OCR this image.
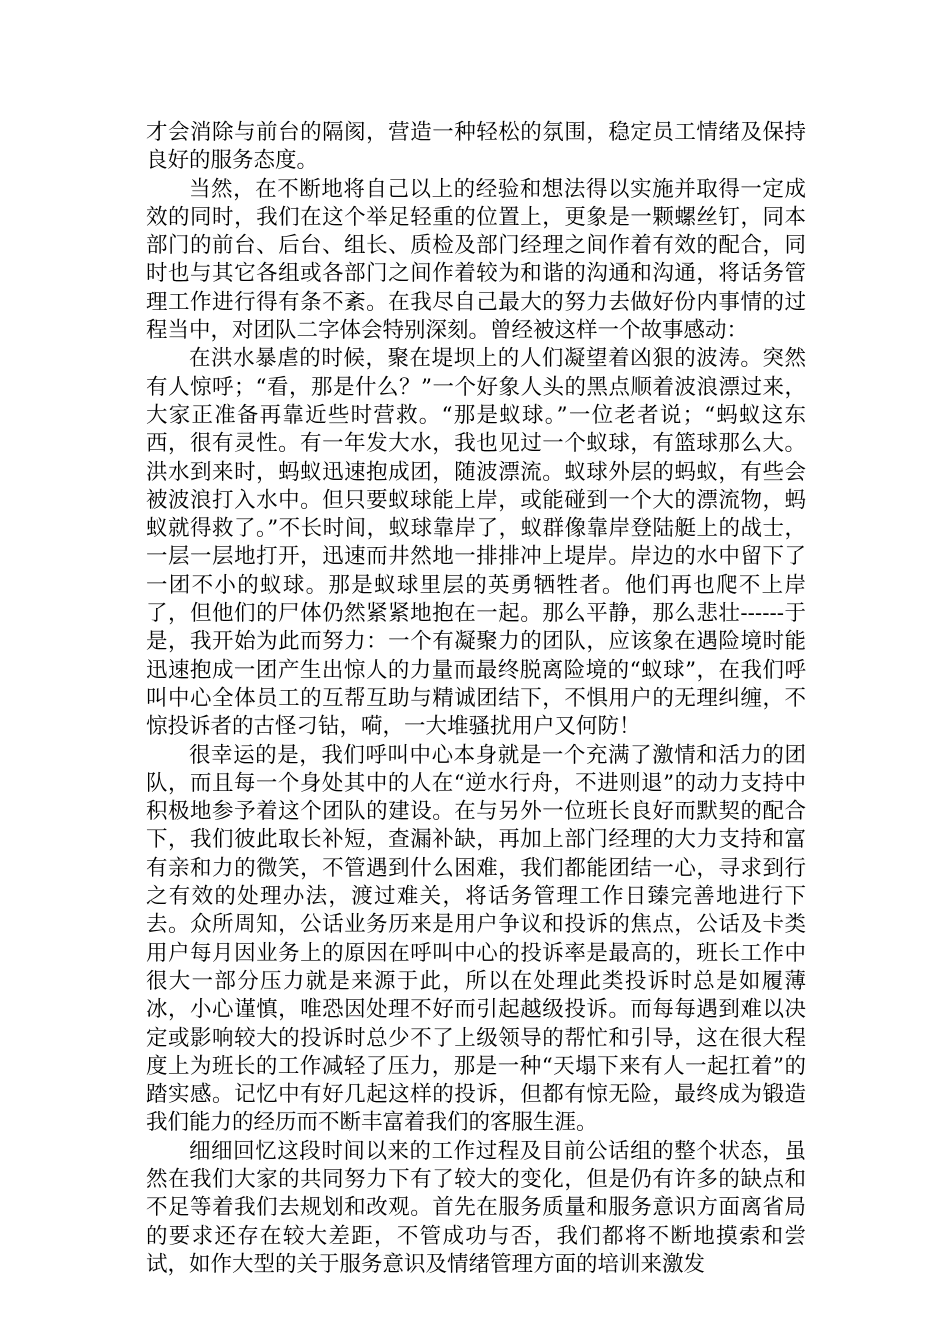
才会消除与前台的隔阂，营造一种轻松的氛围，稳定员工情绪及保持良好的服务态度。

当然，在不断地将自己以上的经验和想法得以实施并取得一定成效的同时，我们在这个举足轻重的位置上，更象是一颗螺丝钉，同本部门的前台、后台、组长、质检及部门经理之间作着有效的配合，同时也与其它各组或各部门之间作着较为和谐的沟通和沟通，将话务管理工作进行得有条不紊。在我尽自己最大的努力去做好份内事情的过程当中，对团队二字体会特别深刻。曾经被这样一个故事感动：

在洪水暴虐的时候，聚在堤坝上的人们凝望着凶狠的波涛。突然有人惊呼；“看，那是什么？”一个好象人头的黑点顺着波浪漂过来，大家正准备再靠近些时营救。“那是蚁球。”一位老者说；“蚂蚁这东西，很有灵性。有一年发大水，我也见过一个蚁球，有篮球那么大。洪水到来时，蚂蚁迅速抱成团，随波漂流。蚁球外层的蚂蚁，有些会被波浪打入水中。但只要蚁球能上岸，或能碰到一个大的漂流物，蚂蚁就得救了。”不长时间，蚁球靠岸了，蚁群像靠岸登陆艇上的战士，一层一层地打开，迅速而井然地一排排冲上堤岸。岸边的水中留下了一团不小的蚁球。那是蚁球里层的英勇牺牲者。他们再也爬不上岸了，但他们的尸体仍然紧紧地抱在一起。那么平静，那么悲壮------于是，我开始为此而努力：一个有凝聚力的团队，应该象在遇险境时能迅速抱成一团产生出惊人的力量而最终脱离险境的“蚁球”，在我们呼叫中心全体员工的互帮互助与精诚团结下，不惧用户的无理纠缠，不惊投诉者的古怪刁钻，嗬，一大堆骚扰用户又何防！

很幸运的是，我们呼叫中心本身就是一个充满了激情和活力的团队，而且每一个身处其中的人在“逆水行舟，不进则退”的动力支持中积极地参予着这个团队的建设。在与另外一位班长良好而默契的配合下，我们彼此取长补短，查漏补缺，再加上部门经理的大力支持和富有亲和力的微笑，不管遇到什么困难，我们都能团结一心，寻求到行之有效的处理办法，渡过难关，将话务管理工作日臻完善地进行下去。众所周知，公话业务历来是用户争议和投诉的焦点，公话及卡类用户每月因业务上的原因在呼叫中心的投诉率是最高的，班长工作中很大一部分压力就是来源于此，所以在处理此类投诉时总是如履薄冰，小心谨慎，唯恐因处理不好而引起越级投诉。而每每遇到难以决定或影响较大的投诉时总少不了上级领导的帮忙和引导，这在很大程度上为班长的工作减轻了压力，那是一种“天塌下来有人一起扛着”的踏实感。记忆中有好几起这样的投诉，但都有惊无险，最终成为锻造我们能力的经历而不断丰富着我们的客服生涯。

细细回忆这段时间以来的工作过程及目前公话组的整个状态，虽然在我们大家的共同努力下有了较大的变化，但是仍有许多的缺点和不足等着我们去规划和改观。首先在服务质量和服务意识方面离省局的要求还存在较大差距，不管成功与否，我们都将不断地摸索和尝试，如作大型的关于服务意识及情绪管理方面的培训来激发
